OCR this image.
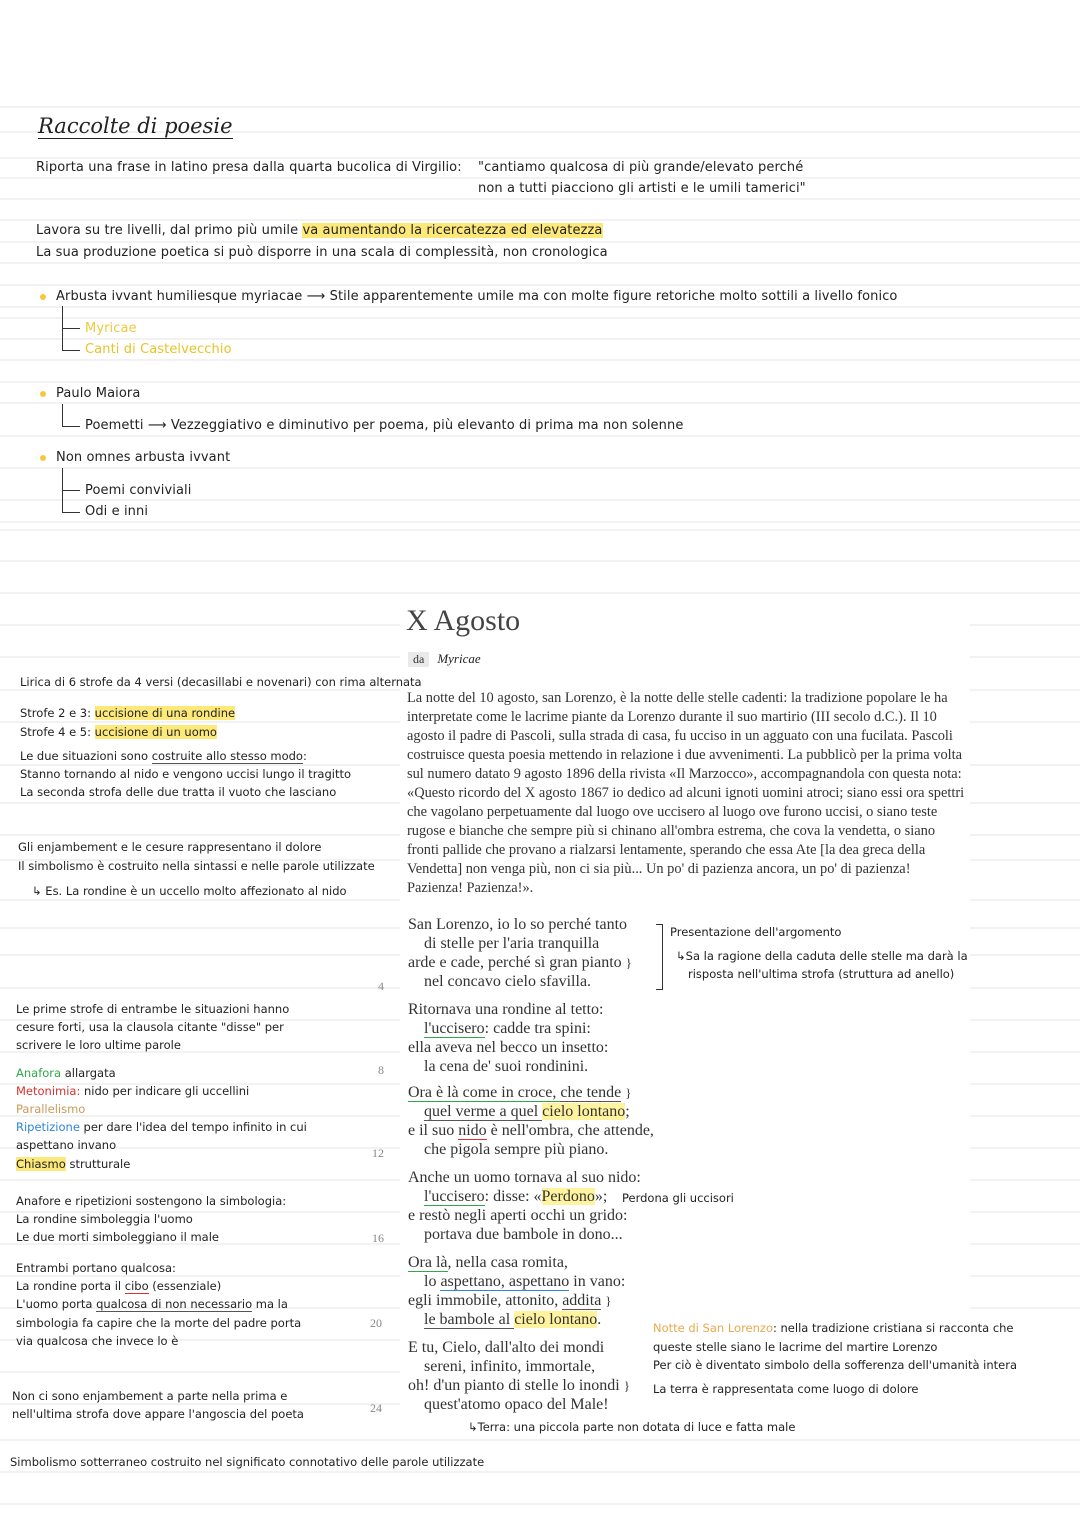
Raccolte di poesie
Riporta una frase in latino presa dalla quarta bucolica di Virgilio: "cantiamo qualcosa di più grande/elevato perché
non a tutti piacciono gli artisti e le umili tamerici"
Lavora su tre livelli, dal primo più umile va aumentando la ricercatezza ed elevatezza
La sua produzione poetica si può disporre in una scala di complessità, non cronologica
Arbusta ivvant humiliesque myriacae ⟶ Stile apparentemente umile ma con molte figure retoriche molto sottili a livello fonico
Myricae
Canti di Castelvecchio
Paulo Maiora
Poemetti ⟶ Vezzeggiativo e diminutivo per poema, più elevanto di prima ma non solenne
Non omnes arbusta ivvant
Poemi conviviali
Odi e inni
X Agosto
da Myricae
La notte del 10 agosto, san Lorenzo, è la notte delle stelle cadenti: la tradizione popolare le ha interpretate come le lacrime piante da Lorenzo durante il suo martirio (III secolo d.C.). Il 10 agosto il padre di Pascoli, sulla strada di casa, fu ucciso in un agguato con una fucilata. Pascoli costruisce questa poesia mettendo in relazione i due avvenimenti. La pubblicò per la prima volta sul numero datato 9 agosto 1896 della rivista «Il Marzocco», accompagnandola con questa nota: «Questo ricordo del X agosto 1867 io dedico ad alcuni ignoti uomini atroci; siano essi ora spettri che vagolano perpetuamente dal luogo ove uccisero al luogo ove furono uccisi, o siano teste rugose e bianche che sempre più si chinano all'ombra estrema, che cova la vendetta, o siano fronti pallide che provano a rialzarsi lentamente, sperando che essa Ate [la dea greca della Vendetta] non venga più, non ci sia più... Un po' di pazienza ancora, un po' di pazienza! Pazienza! Pazienza!».
San Lorenzo, io lo so perché tanto
di stelle per l'aria tranquilla
arde e cade, perché sì gran pianto }
nel concavo cielo sfavilla.
4
Ritornava una rondine al tetto:
l'uccisero: cadde tra spini:
ella aveva nel becco un insetto:
la cena de' suoi rondinini.
8
Ora è là come in croce, che tende }
quel verme a quel cielo lontano;
e il suo nido è nell'ombra, che attende,
che pigola sempre più piano.
12
Anche un uomo tornava al suo nido:
l'uccisero: disse: «Perdono»;
e restò negli aperti occhi un grido:
portava due bambole in dono...
16
Ora là, nella casa romita,
lo aspettano, aspettano in vano:
egli immobile, attonito, addita }
le bambole al cielo lontano.
20
E tu, Cielo, dall'alto dei mondi
sereni, infinito, immortale,
oh! d'un pianto di stelle lo inondi }
quest'atomo opaco del Male!
24
Lirica di 6 strofe da 4 versi (decasillabi e novenari) con rima alternata
Strofe 2 e 3: uccisione di una rondine
Strofe 4 e 5: uccisione di un uomo
Le due situazioni sono costruite allo stesso modo:
Stanno tornando al nido e vengono uccisi lungo il tragitto
La seconda strofa delle due tratta il vuoto che lasciano
Gli enjambement e le cesure rappresentano il dolore
Il simbolismo è costruito nella sintassi e nelle parole utilizzate
↳ Es. La rondine è un uccello molto affezionato al nido
Le prime strofe di entrambe le situazioni hanno
cesure forti, usa la clausola citante "disse" per
scrivere le loro ultime parole
Anafora allargata
Metonimia: nido per indicare gli uccellini
Parallelismo
Ripetizione per dare l'idea del tempo infinito in cui
aspettano invano
Chiasmo strutturale
Anafore e ripetizioni sostengono la simbologia:
La rondine simboleggia l'uomo
Le due morti simboleggiano il male
Entrambi portano qualcosa:
La rondine porta il cibo (essenziale)
L'uomo porta qualcosa di non necessario ma la
simbologia fa capire che la morte del padre porta
via qualcosa che invece lo è
Non ci sono enjambement a parte nella prima e
nell'ultima strofa dove appare l'angoscia del poeta
Simbolismo sotterraneo costruito nel significato connotativo delle parole utilizzate
Presentazione dell'argomento
↳Sa la ragione della caduta delle stelle ma darà la
risposta nell'ultima strofa (struttura ad anello)
Perdona gli uccisori
Notte di San Lorenzo: nella tradizione cristiana si racconta che
queste stelle siano le lacrime del martire Lorenzo
Per ciò è diventato simbolo della sofferenza dell'umanità intera
La terra è rappresentata come luogo di dolore
↳Terra: una piccola parte non dotata di luce e fatta male
